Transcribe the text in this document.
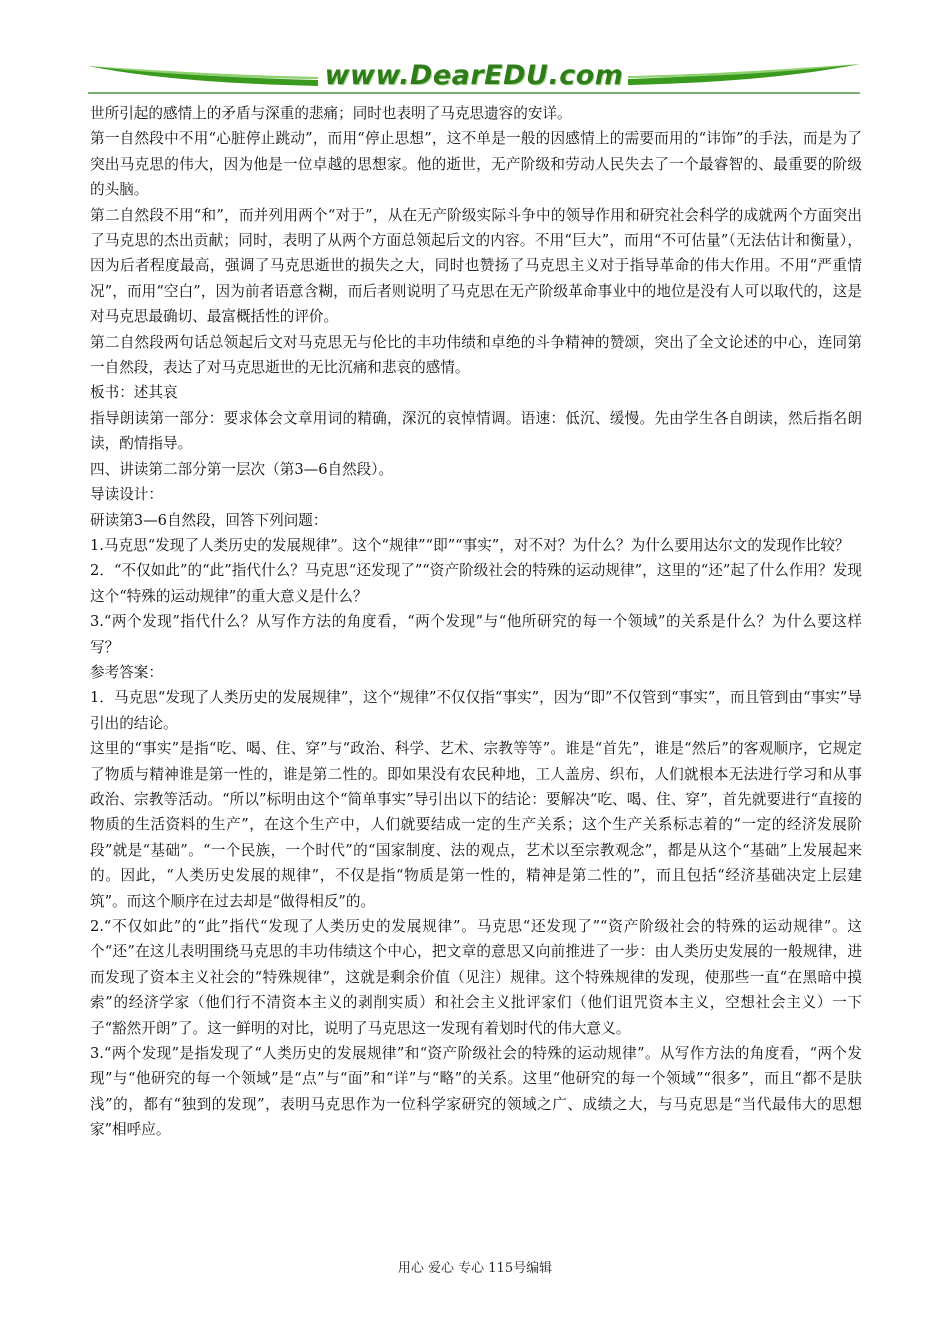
www.DearEDU.com

世所引起的感情上的矛盾与深重的悲痛；同时也表明了马克思遗容的安详。

第一自然段中不用“心脏停止跳动”，而用“停止思想”，这不单是一般的因感情上的需要而用的“讳饰”的手法，而是为了突出马克思的伟大，因为他是一位卓越的思想家。他的逝世，无产阶级和劳动人民失去了一个最睿智的、最重要的阶级的头脑。

第二自然段不用“和”，而并列用两个“对于”，从在无产阶级实际斗争中的领导作用和研究社会科学的成就两个方面突出了马克思的杰出贡献；同时，表明了从两个方面总领起后文的内容。不用“巨大”，而用“不可估量”（无法估计和衡量），因为后者程度最高，强调了马克思逝世的损失之大，同时也赞扬了马克思主义对于指导革命的伟大作用。不用“严重情况”，而用“空白”，因为前者语意含糊，而后者则说明了马克思在无产阶级革命事业中的地位是没有人可以取代的，这是对马克思最确切、最富概括性的评价。

第二自然段两句话总领起后文对马克思无与伦比的丰功伟绩和卓绝的斗争精神的赞颂，突出了全文论述的中心，连同第一自然段，表达了对马克思逝世的无比沉痛和悲哀的感情。

板书：述其哀

指导朗读第一部分：要求体会文章用词的精确，深沉的哀悼情调。语速：低沉、缓慢。先由学生各自朗读，然后指名朗读，酌情指导。

四、讲读第二部分第一层次（第3—6自然段）。

导读设计：

研读第3—6自然段，回答下列问题：

1.马克思“发现了人类历史的发展规律”。这个“规律”“即”“事实”，对不对？为什么？为什么要用达尔文的发现作比较？

2．“不仅如此”的“此”指代什么？马克思“还发现了”“资产阶级社会的特殊的运动规律”，这里的“还”起了什么作用？发现这个“特殊的运动规律”的重大意义是什么？

3.“两个发现”指代什么？从写作方法的角度看，“两个发现”与“他所研究的每一个领域”的关系是什么？为什么要这样写？

参考答案：

1．马克思“发现了人类历史的发展规律”，这个“规律”不仅仅指“事实”，因为“即”不仅管到“事实”，而且管到由“事实”导引出的结论。

这里的“事实”是指“吃、喝、住、穿”与“政治、科学、艺术、宗教等等”。谁是“首先”，谁是“然后”的客观顺序，它规定了物质与精神谁是第一性的，谁是第二性的。即如果没有农民种地，工人盖房、织布，人们就根本无法进行学习和从事政治、宗教等活动。“所以”标明由这个“简单事实”导引出以下的结论：要解决“吃、喝、住、穿”，首先就要进行“直接的物质的生活资料的生产”，在这个生产中，人们就要结成一定的生产关系；这个生产关系标志着的“一定的经济发展阶段”就是“基础”。“一个民族，一个时代”的“国家制度、法的观点，艺术以至宗教观念”，都是从这个“基础”上发展起来的。因此，“人类历史发展的规律”，不仅是指“物质是第一性的，精神是第二性的”，而且包括“经济基础决定上层建筑”。而这个顺序在过去却是“做得相反”的。

2.“不仅如此”的“此”指代“发现了人类历史的发展规律”。马克思“还发现了”“资产阶级社会的特殊的运动规律”。这个“还”在这儿表明围绕马克思的丰功伟绩这个中心，把文章的意思又向前推进了一步：由人类历史发展的一般规律，进而发现了资本主义社会的“特殊规律”，这就是剩余价值（见注）规律。这个特殊规律的发现，使那些一直“在黑暗中摸索”的经济学家（他们行不清资本主义的剥削实质）和社会主义批评家们（他们诅咒资本主义，空想社会主义）一下子“豁然开朗”了。这一鲜明的对比，说明了马克思这一发现有着划时代的伟大意义。

3.“两个发现”是指发现了“人类历史的发展规律”和“资产阶级社会的特殊的运动规律”。从写作方法的角度看，“两个发现”与“他研究的每一个领域”是“点”与“面”和“详”与“略”的关系。这里“他研究的每一个领域”“很多”，而且“都不是肤浅”的，都有“独到的发现”，表明马克思作为一位科学家研究的领域之广、成绩之大，与马克思是“当代最伟大的思想家”相呼应。

用心 爱心 专心 115号编辑
